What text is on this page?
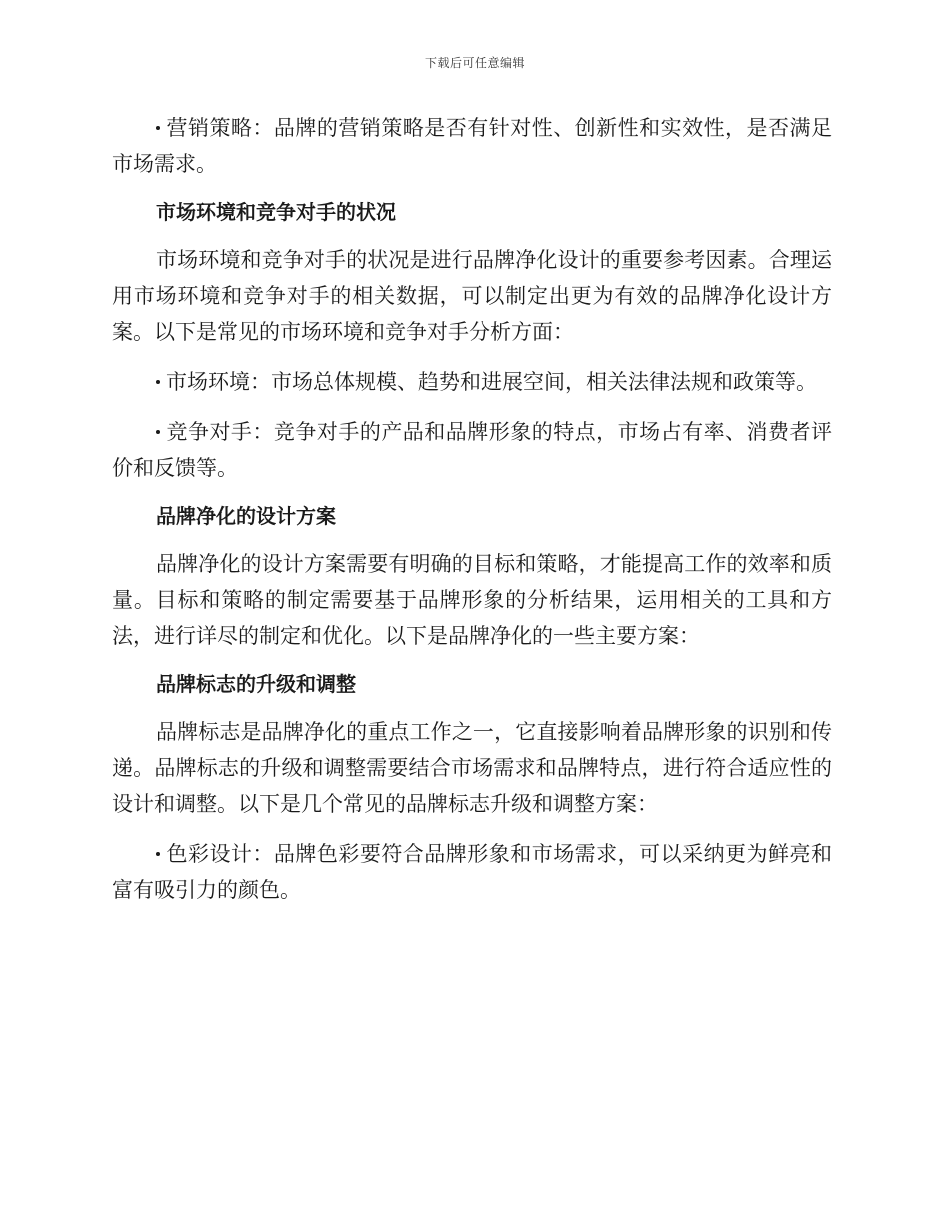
下载后可任意编辑
营销策略：品牌的营销策略是否有针对性、创新性和实效性，是否满足市场需求。
市场环境和竞争对手的状况
市场环境和竞争对手的状况是进行品牌净化设计的重要参考因素。合理运用市场环境和竞争对手的相关数据，可以制定出更为有效的品牌净化设计方案。以下是常见的市场环境和竞争对手分析方面：
市场环境：市场总体规模、趋势和进展空间，相关法律法规和政策等。
竞争对手：竞争对手的产品和品牌形象的特点，市场占有率、消费者评价和反馈等。
品牌净化的设计方案
品牌净化的设计方案需要有明确的目标和策略，才能提高工作的效率和质量。目标和策略的制定需要基于品牌形象的分析结果，运用相关的工具和方法，进行详尽的制定和优化。以下是品牌净化的一些主要方案：
品牌标志的升级和调整
品牌标志是品牌净化的重点工作之一，它直接影响着品牌形象的识别和传递。品牌标志的升级和调整需要结合市场需求和品牌特点，进行符合适应性的设计和调整。以下是几个常见的品牌标志升级和调整方案：
色彩设计：品牌色彩要符合品牌形象和市场需求，可以采纳更为鲜亮和富有吸引力的颜色。
